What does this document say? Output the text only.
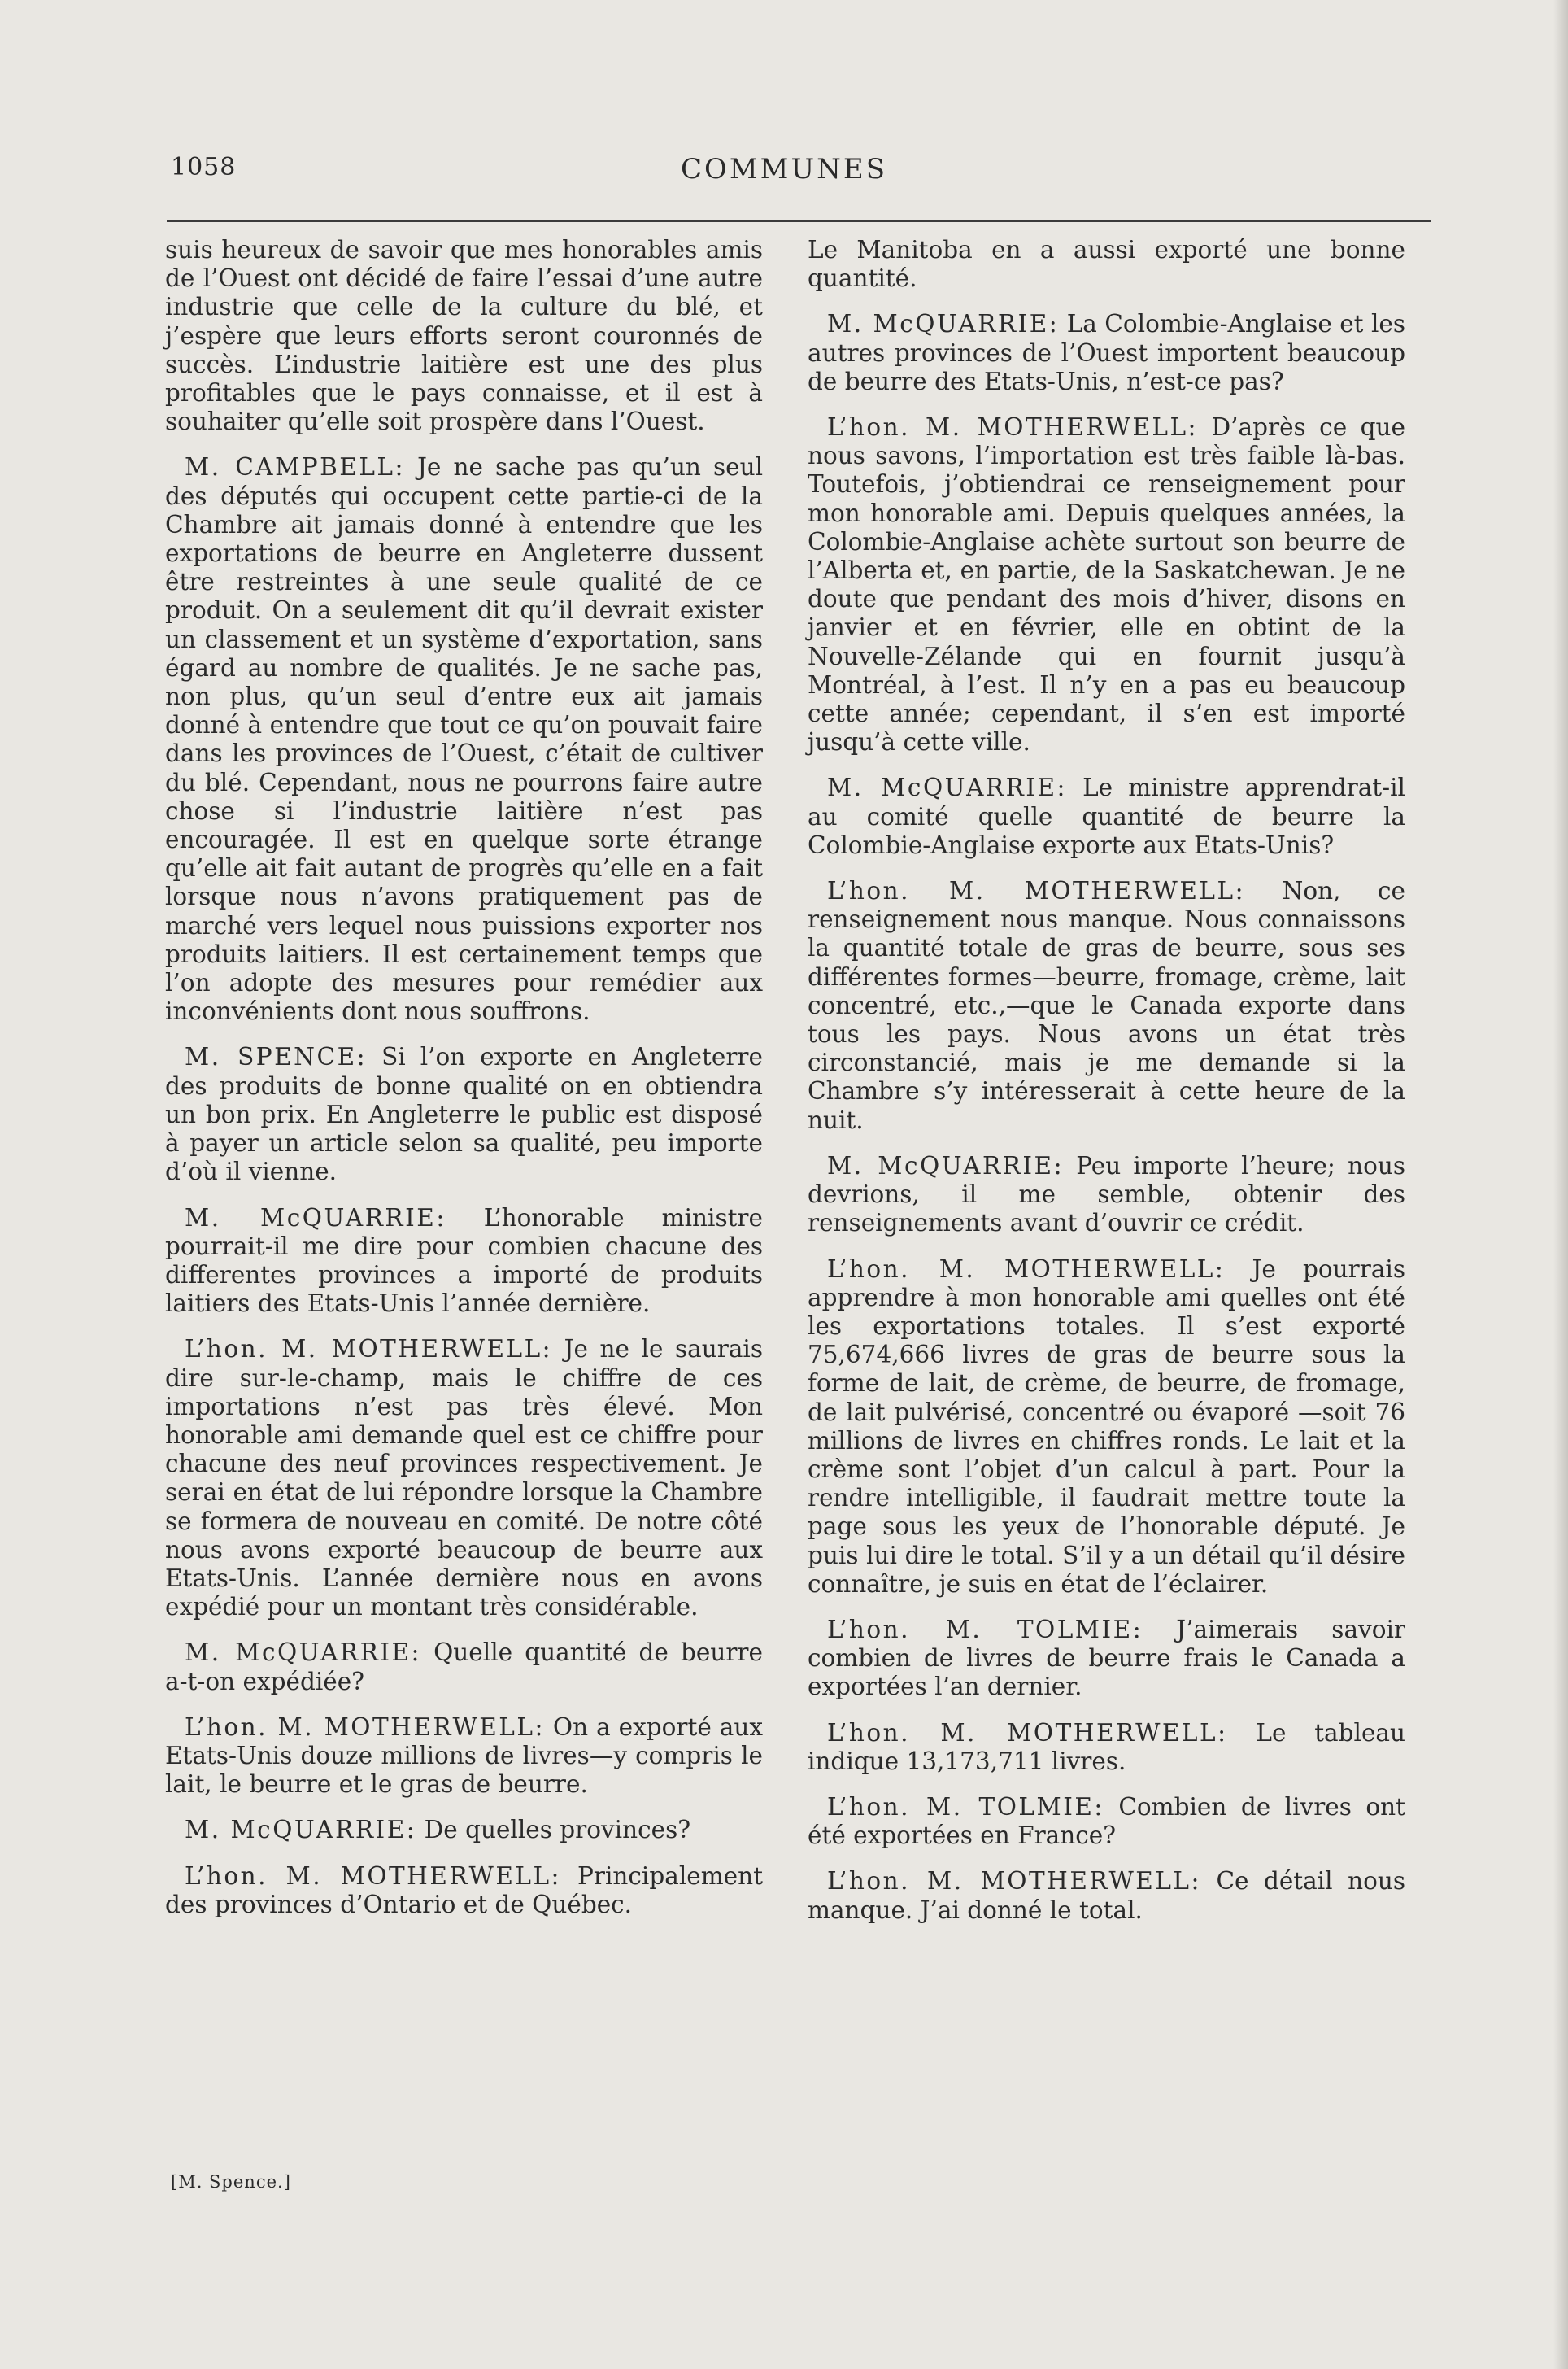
1058	COMMUNES

suis heureux de savoir que mes honorables amis de l’Ouest ont décidé de faire l’essai d’une autre industrie que celle de la culture du blé, et j’espère que leurs efforts seront couronnés de succès. L’industrie laitière est une des plus profitables que le pays connaisse, et il est à souhaiter qu’elle soit prospère dans l’Ouest.

M. CAMPBELL: Je ne sache pas qu’un seul des députés qui occupent cette partie-ci de la Chambre ait jamais donné à entendre que les exportations de beurre en Angleterre dussent être restreintes à une seule qualité de ce produit. On a seulement dit qu’il devrait exister un classement et un système d’exportation, sans égard au nombre de qualités. Je ne sache pas, non plus, qu’un seul d’entre eux ait jamais donné à entendre que tout ce qu’on pouvait faire dans les provinces de l’Ouest, c’était de cultiver du blé. Cependant, nous ne pourrons faire autre chose si l’industrie laitière n’est pas encouragée. Il est en quelque sorte étrange qu’elle ait fait autant de progrès qu’elle en a fait lorsque nous n’avons pratiquement pas de marché vers lequel nous puissions exporter nos produits laitiers. Il est certainement temps que l’on adopte des mesures pour remédier aux inconvénients dont nous souffrons.

M. SPENCE: Si l’on exporte en Angleterre des produits de bonne qualité on en obtiendra un bon prix. En Angleterre le public est disposé à payer un article selon sa qualité, peu importe d’où il vienne.

M. McQUARRIE: L’honorable ministre pourrait-il me dire pour combien chacune des differentes provinces a importé de produits laitiers des Etats-Unis l’année dernière.

L’hon. M. MOTHERWELL: Je ne le saurais dire sur-le-champ, mais le chiffre de ces importations n’est pas très élevé. Mon honorable ami demande quel est ce chiffre pour chacune des neuf provinces respectivement. Je serai en état de lui répondre lorsque la Chambre se formera de nouveau en comité. De notre côté nous avons exporté beaucoup de beurre aux Etats-Unis. L’année dernière nous en avons expédié pour un montant très considérable.

M. McQUARRIE: Quelle quantité de beurre a-t-on expédiée?

L’hon. M. MOTHERWELL: On a exporté aux Etats-Unis douze millions de livres—y compris le lait, le beurre et le gras de beurre.

M. McQUARRIE: De quelles provinces?

L’hon. M. MOTHERWELL: Principalement des provinces d’Ontario et de Québec.

Le Manitoba en a aussi exporté une bonne quantité.

M. McQUARRIE: La Colombie-Anglaise et les autres provinces de l’Ouest importent beaucoup de beurre des Etats-Unis, n’est-ce pas?

L’hon. M. MOTHERWELL: D’après ce que nous savons, l’importation est très faible là-bas. Toutefois, j’obtiendrai ce renseignement pour mon honorable ami. Depuis quelques années, la Colombie-Anglaise achète surtout son beurre de l’Alberta et, en partie, de la Saskatchewan. Je ne doute que pendant des mois d’hiver, disons en janvier et en février, elle en obtint de la Nouvelle-Zélande qui en fournit jusqu’à Montréal, à l’est. Il n’y en a pas eu beaucoup cette année; cependant, il s’en est importé jusqu’à cette ville.

M. McQUARRIE: Le ministre apprendrat-il au comité quelle quantité de beurre la Colombie-Anglaise exporte aux Etats-Unis?

L’hon. M. MOTHERWELL: Non, ce renseignement nous manque. Nous connaissons la quantité totale de gras de beurre, sous ses différentes formes—beurre, fromage, crème, lait concentré, etc.,—que le Canada exporte dans tous les pays. Nous avons un état très circonstancié, mais je me demande si la Chambre s’y intéresserait à cette heure de la nuit.

M. McQUARRIE: Peu importe l’heure; nous devrions, il me semble, obtenir des renseignements avant d’ouvrir ce crédit.

L’hon. M. MOTHERWELL: Je pourrais apprendre à mon honorable ami quelles ont été les exportations totales. Il s’est exporté 75,674,666 livres de gras de beurre sous la forme de lait, de crème, de beurre, de fromage, de lait pulvérisé, concentré ou évaporé —soit 76 millions de livres en chiffres ronds. Le lait et la crème sont l’objet d’un calcul à part. Pour la rendre intelligible, il faudrait mettre toute la page sous les yeux de l’honorable député. Je puis lui dire le total. S’il y a un détail qu’il désire connaître, je suis en état de l’éclairer.

L’hon. M. TOLMIE: J’aimerais savoir combien de livres de beurre frais le Canada a exportées l’an dernier.

L’hon. M. MOTHERWELL: Le tableau indique 13,173,711 livres.

L’hon. M. TOLMIE: Combien de livres ont été exportées en France?

L’hon. M. MOTHERWELL: Ce détail nous manque. J’ai donné le total.

[M. Spence.]
